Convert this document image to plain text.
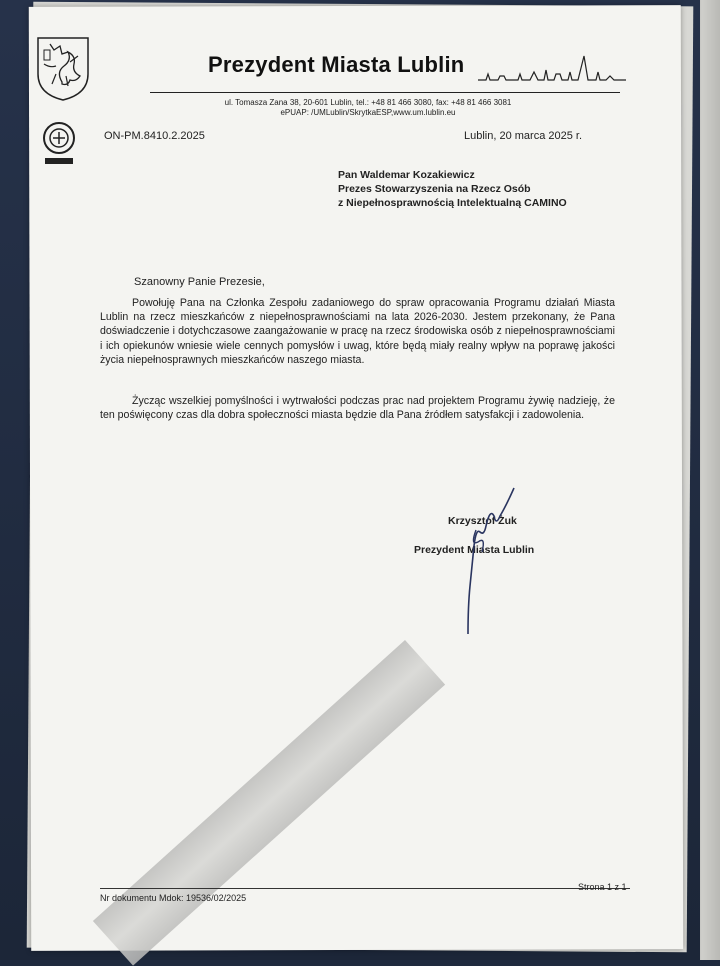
Prezydent Miasta Lublin
ul. Tomasza Zana 38, 20-601 Lublin, tel.: +48 81 466 3080, fax: +48 81 466 3081
ePUAP: /UMLublin/SkrytkaESP,www.um.lublin.eu
ON-PM.8410.2.2025	Lublin, 20 marca 2025 r.
Pan Waldemar Kozakiewicz
Prezes Stowarzyszenia na Rzecz Osób
z Niepełnosprawnością Intelektualną CAMINO
Szanowny Panie Prezesie,

Powołuję Pana na Członka Zespołu zadaniowego do spraw opracowania Programu działań Miasta Lublin na rzecz mieszkańców z niepełnosprawnościami na lata 2026-2030. Jestem przekonany, że Pana doświadczenie i dotychczasowe zaangażowanie w pracę na rzecz środowiska osób z niepełnosprawnościami i ich opiekunów wniesie wiele cennych pomysłów i uwag, które będą miały realny wpływ na poprawę jakości życia niepełnosprawnych mieszkańców naszego miasta.

Życząc wszelkiej pomyślności i wytrwałości podczas prac nad projektem Programu żywię nadzieję, że ten poświęcony czas dla dobra społeczności miasta będzie dla Pana źródłem satysfakcji i zadowolenia.

Krzysztof Żuk
Prezydent Miasta Lublin
Nr dokumentu Mdok: 19536/02/2025
Strona 1 z 1
